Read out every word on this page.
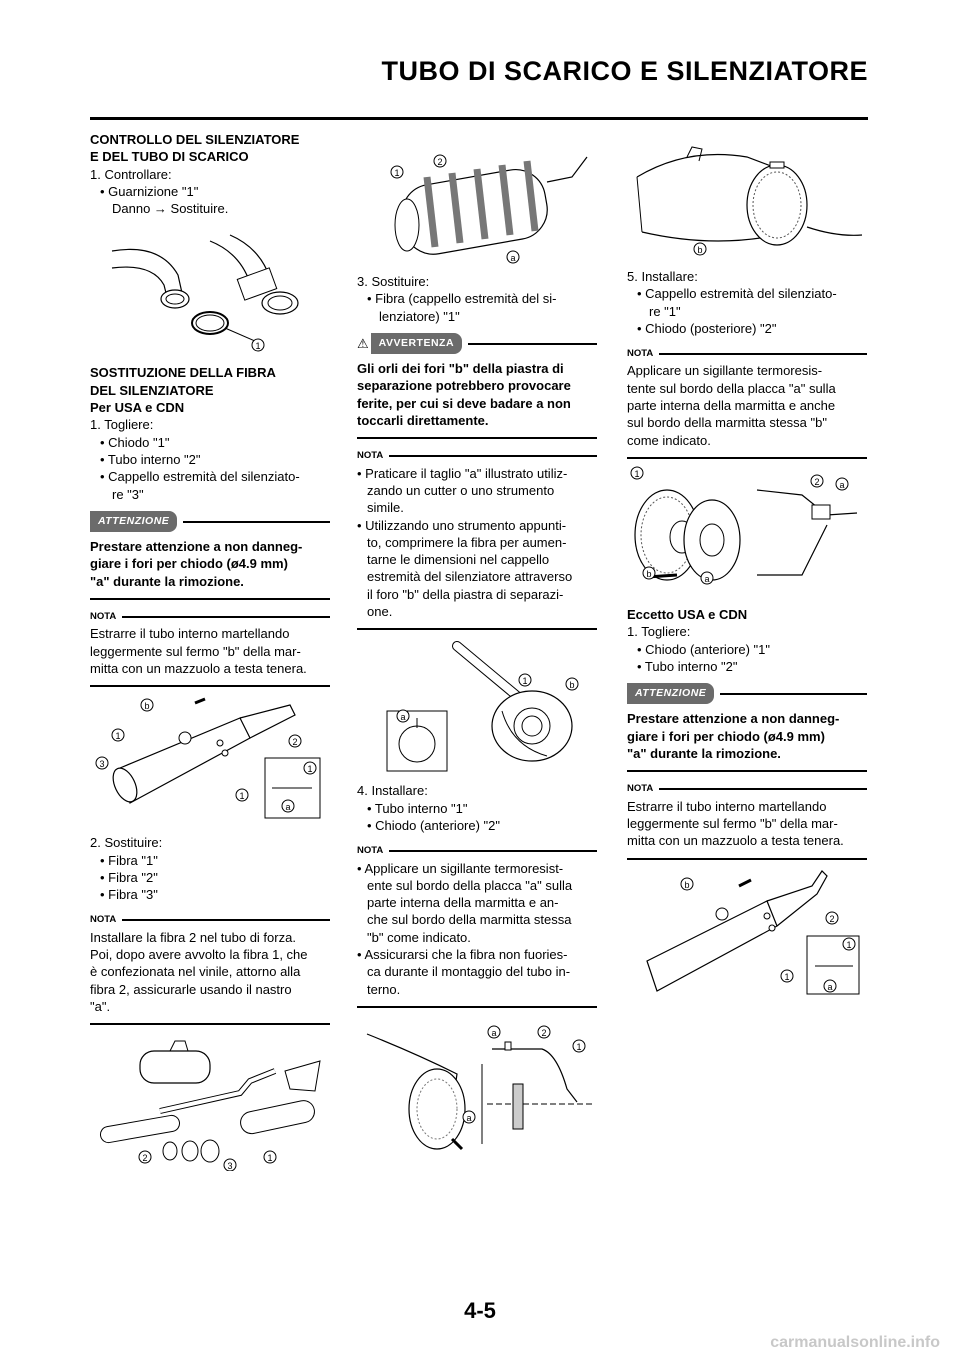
TUBO DI SCARICO E SILENZIATORE
CONTROLLO DEL SILENZIATORE
E DEL TUBO DI SCARICO
1. Controllare:
• Guarnizione "1"
Danno → Sostituire.
1
SOSTITUZIONE DELLA FIBRA
DEL SILENZIATORE
Per USA e CDN
1. Togliere:
• Chiodo "1"
• Tubo interno "2"
• Cappello estremità del silenziato-
re "3"
ATTENZIONE
Prestare attenzione a non danneg-
giare i fori per chiodo (ø4.9 mm)
"a" durante la rimozione.
NOTA
Estrarre il tubo interno martellando
leggermente sul fermo "b" della mar-
mitta con un mazzuolo a testa tenera.
b
1
3
2
1
1
a
2. Sostituire:
• Fibra "1"
• Fibra "2"
• Fibra "3"
NOTA
Installare la fibra 2 nel tubo di forza.
Poi, dopo avere avvolto la fibra 1, che
è confezionata nel vinile, attorno alla
fibra 2, assicurarle usando il nastro
"a".
2
3
1
1
2
a
3. Sostituire:
• Fibra (cappello estremità del si-
lenziatore) "1"
⚠ AVVERTENZA
Gli orli dei fori "b" della piastra di
separazione potrebbero provocare
ferite, per cui si deve badare a non
toccarli direttamente.
NOTA
• Praticare il taglio "a" illustrato utiliz-
zando un cutter o uno strumento
simile.
• Utilizzando uno strumento appunti-
to, comprimere la fibra per aumen-
tarne le dimensioni nel cappello
estremità del silenziatore attraverso
il foro "b" della piastra di separazi-
one.
a
1	b
4. Installare:
• Tubo interno "1"
• Chiodo (anteriore) "2"
NOTA
• Applicare un sigillante termoresist-
ente sul bordo della placca "a" sulla
parte interna della marmitta e an-
che sul bordo della marmitta stessa
"b" come indicato.
• Assicurarsi che la fibra non fuories-
ca durante il montaggio del tubo in-
terno.
a	2
1
a
b
5. Installare:
• Cappello estremità del silenziato-
re "1"
• Chiodo (posteriore) "2"
NOTA
Applicare un sigillante termoresis-
tente sul bordo della placca "a" sulla
parte interna della marmitta e anche
sul bordo della marmitta stessa "b"
come indicato.
1
2 a
b	a
Eccetto USA e CDN
1. Togliere:
• Chiodo (anteriore) "1"
• Tubo interno "2"
ATTENZIONE
Prestare attenzione a non danneg-
giare i fori per chiodo (ø4.9 mm)
"a" durante la rimozione.
NOTA
Estrarre il tubo interno martellando
leggermente sul fermo "b" della mar-
mitta con un mazzuolo a testa tenera.
b
2
1
1
a
4-5
carmanualsonline.info
